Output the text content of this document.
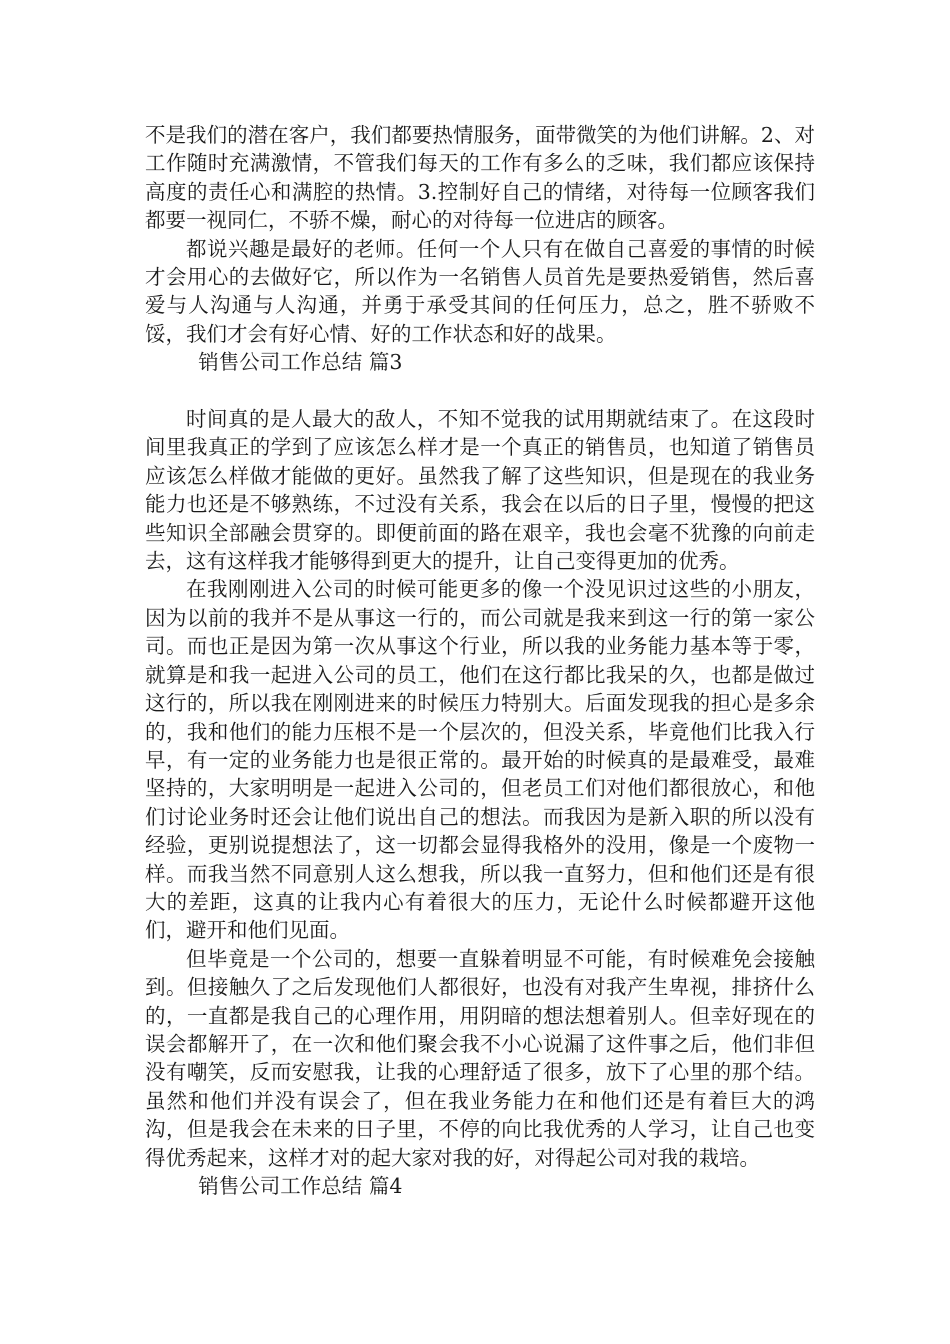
不是我们的潜在客户，我们都要热情服务，面带微笑的为他们讲解。2、对工作随时充满激情，不管我们每天的工作有多么的乏味，我们都应该保持高度的责任心和满腔的热情。3.控制好自己的情绪，对待每一位顾客我们都要一视同仁，不骄不燥，耐心的对待每一位进店的顾客。

都说兴趣是最好的老师。任何一个人只有在做自己喜爱的事情的时候才会用心的去做好它，所以作为一名销售人员首先是要热爱销售，然后喜爱与人沟通与人沟通，并勇于承受其间的任何压力，总之，胜不骄败不馁，我们才会有好心情、好的工作状态和好的战果。

销售公司工作总结 篇3

时间真的是人最大的敌人，不知不觉我的试用期就结束了。在这段时间里我真正的学到了应该怎么样才是一个真正的销售员，也知道了销售员应该怎么样做才能做的更好。虽然我了解了这些知识，但是现在的我业务能力也还是不够熟练，不过没有关系，我会在以后的日子里，慢慢的把这些知识全部融会贯穿的。即便前面的路在艰辛，我也会毫不犹豫的向前走去，这有这样我才能够得到更大的提升，让自己变得更加的优秀。

在我刚刚进入公司的时候可能更多的像一个没见识过这些的小朋友，因为以前的我并不是从事这一行的，而公司就是我来到这一行的第一家公司。而也正是因为第一次从事这个行业，所以我的业务能力基本等于零，就算是和我一起进入公司的员工，他们在这行都比我呆的久，也都是做过这行的，所以我在刚刚进来的时候压力特别大。后面发现我的担心是多余的，我和他们的能力压根不是一个层次的，但没关系，毕竟他们比我入行早，有一定的业务能力也是很正常的。最开始的时候真的是最难受，最难坚持的，大家明明是一起进入公司的，但老员工们对他们都很放心，和他们讨论业务时还会让他们说出自己的想法。而我因为是新入职的所以没有经验，更别说提想法了，这一切都会显得我格外的没用，像是一个废物一样。而我当然不同意别人这么想我，所以我一直努力，但和他们还是有很大的差距，这真的让我内心有着很大的压力，无论什么时候都避开这他们，避开和他们见面。

但毕竟是一个公司的，想要一直躲着明显不可能，有时候难免会接触到。但接触久了之后发现他们人都很好，也没有对我产生卑视，排挤什么的，一直都是我自己的心理作用，用阴暗的想法想着别人。但幸好现在的误会都解开了，在一次和他们聚会我不小心说漏了这件事之后，他们非但没有嘲笑，反而安慰我，让我的心理舒适了很多，放下了心里的那个结。虽然和他们并没有误会了，但在我业务能力在和他们还是有着巨大的鸿沟，但是我会在未来的日子里，不停的向比我优秀的人学习，让自己也变得优秀起来，这样才对的起大家对我的好，对得起公司对我的栽培。

销售公司工作总结 篇4
